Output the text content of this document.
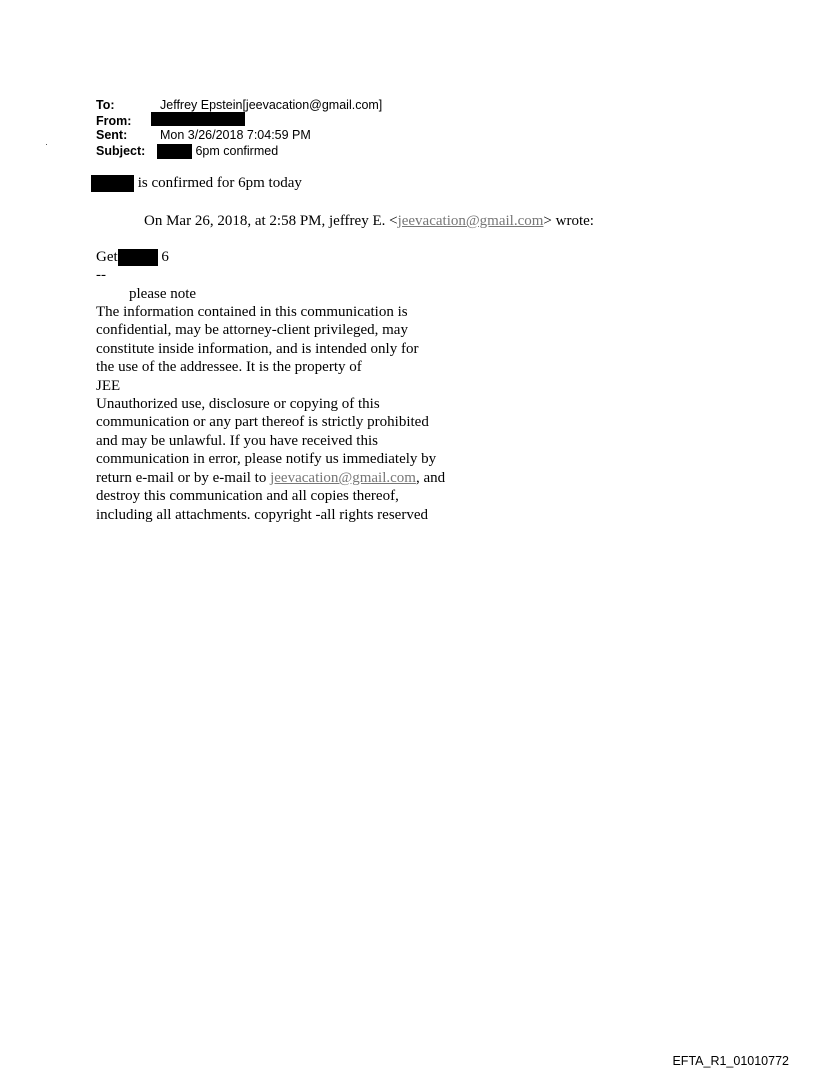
To:	Jeffrey Epstein[jeevacation@gmail.com]
From:
Sent:	Mon 3/26/2018 7:04:59 PM
Subject:	6pm confirmed
is confirmed for 6pm today
On Mar 26, 2018, at 2:58 PM, jeffrey E. <jeevacation@gmail.com> wrote:
Get	6
--
please note
The information contained in this communication is
confidential, may be attorney-client privileged, may
constitute inside information, and is intended only for
the use of the addressee. It is the property of
JEE
Unauthorized use, disclosure or copying of this
communication or any part thereof is strictly prohibited
and may be unlawful. If you have received this
communication in error, please notify us immediately by
return e-mail or by e-mail to jeevacation@gmail.com, and
destroy this communication and all copies thereof,
including all attachments. copyright -all rights reserved
EFTA_R1_01010772
